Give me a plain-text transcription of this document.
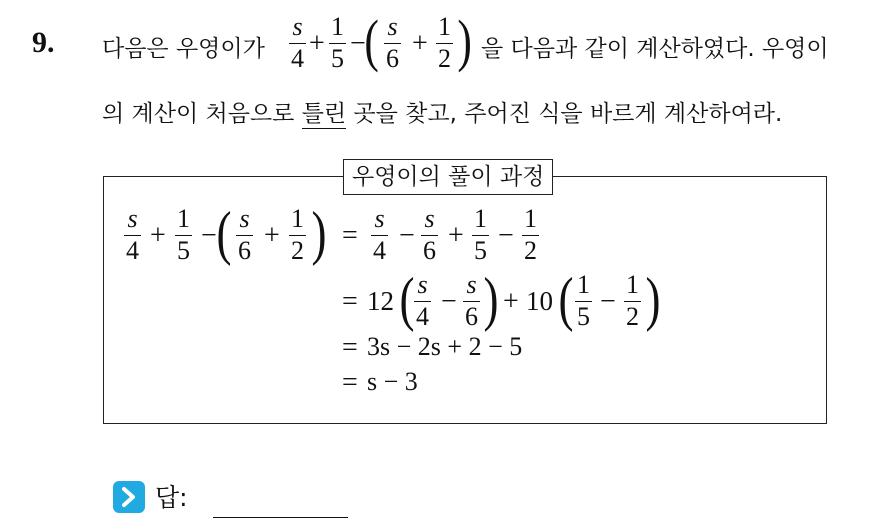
9. 다음은 우영이가
s
4 +
1
5 −
( s
6 +
1
2 ) 을 다음과 같이 계산하였다. 우영이
의 계산이 처음으로 틀린 곳을 찾고, 주어진 식을 바르게 계산하여라.
우영이의 풀이 과정
s
4 +
1
5 − ( s
6 +
1
2 ) =
s
4 −
s
6 +
1
5 −
1
2
= 12 ( s
4 −
s
6 ) + 10 ( 1
5 −
1
2 )
= 3s − 2s + 2 − 5
= s − 3
답:
